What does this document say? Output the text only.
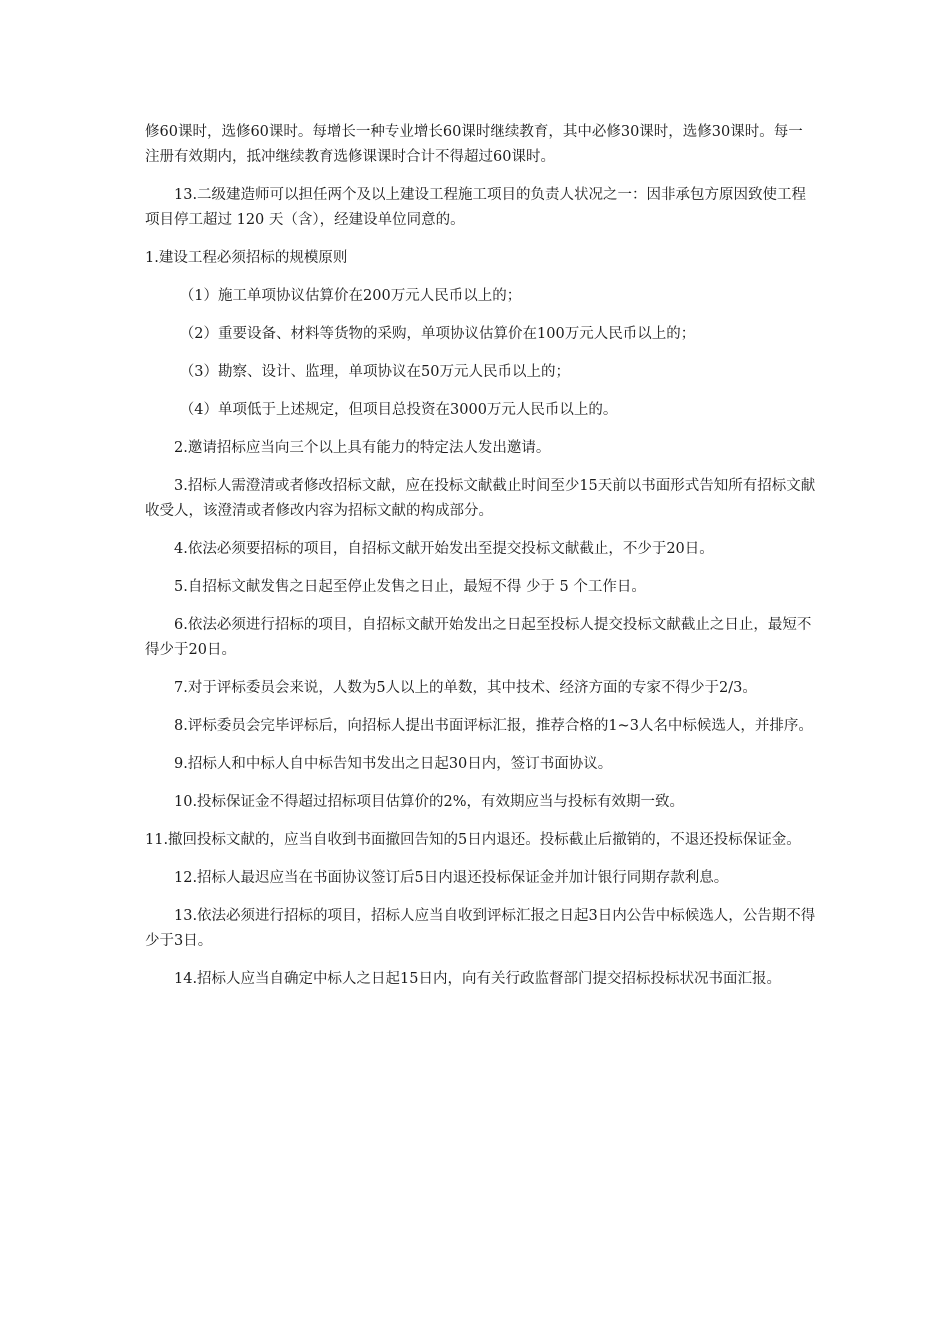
修60课时，选修60课时。每增长一种专业增长60课时继续教育，其中必修30课时，选修30课时。每一注册有效期内，抵冲继续教育选修课课时合计不得超过60课时。

13.二级建造师可以担任两个及以上建设工程施工项目的负责人状况之一：因非承包方原因致使工程项目停工超过 120 天（含），经建设单位同意的。

1.建设工程必须招标的规模原则

（1）施工单项协议估算价在200万元人民币以上的；

（2）重要设备、材料等货物的采购，单项协议估算价在100万元人民币以上的；

（3）勘察、设计、监理，单项协议在50万元人民币以上的；

（4）单项低于上述规定，但项目总投资在3000万元人民币以上的。

2.邀请招标应当向三个以上具有能力的特定法人发出邀请。

3.招标人需澄清或者修改招标文献，应在投标文献截止时间至少15天前以书面形式告知所有招标文献收受人，该澄清或者修改内容为招标文献的构成部分。

4.依法必须要招标的项目，自招标文献开始发出至提交投标文献截止，不少于20日。

5.自招标文献发售之日起至停止发售之日止，最短不得 少于 5 个工作日。

6.依法必须进行招标的项目，自招标文献开始发出之日起至投标人提交投标文献截止之日止，最短不得少于20日。

7.对于评标委员会来说，人数为5人以上的单数，其中技术、经济方面的专家不得少于2/3。

8.评标委员会完毕评标后，向招标人提出书面评标汇报，推荐合格的1~3人名中标候选人，并排序。

9.招标人和中标人自中标告知书发出之日起30日内，签订书面协议。

10.投标保证金不得超过招标项目估算价的2%，有效期应当与投标有效期一致。

11.撤回投标文献的，应当自收到书面撤回告知的5日内退还。投标截止后撤销的，不退还投标保证金。

12.招标人最迟应当在书面协议签订后5日内退还投标保证金并加计银行同期存款利息。

13.依法必须进行招标的项目，招标人应当自收到评标汇报之日起3日内公告中标候选人，公告期不得少于3日。

14.招标人应当自确定中标人之日起15日内，向有关行政监督部门提交招标投标状况书面汇报。
